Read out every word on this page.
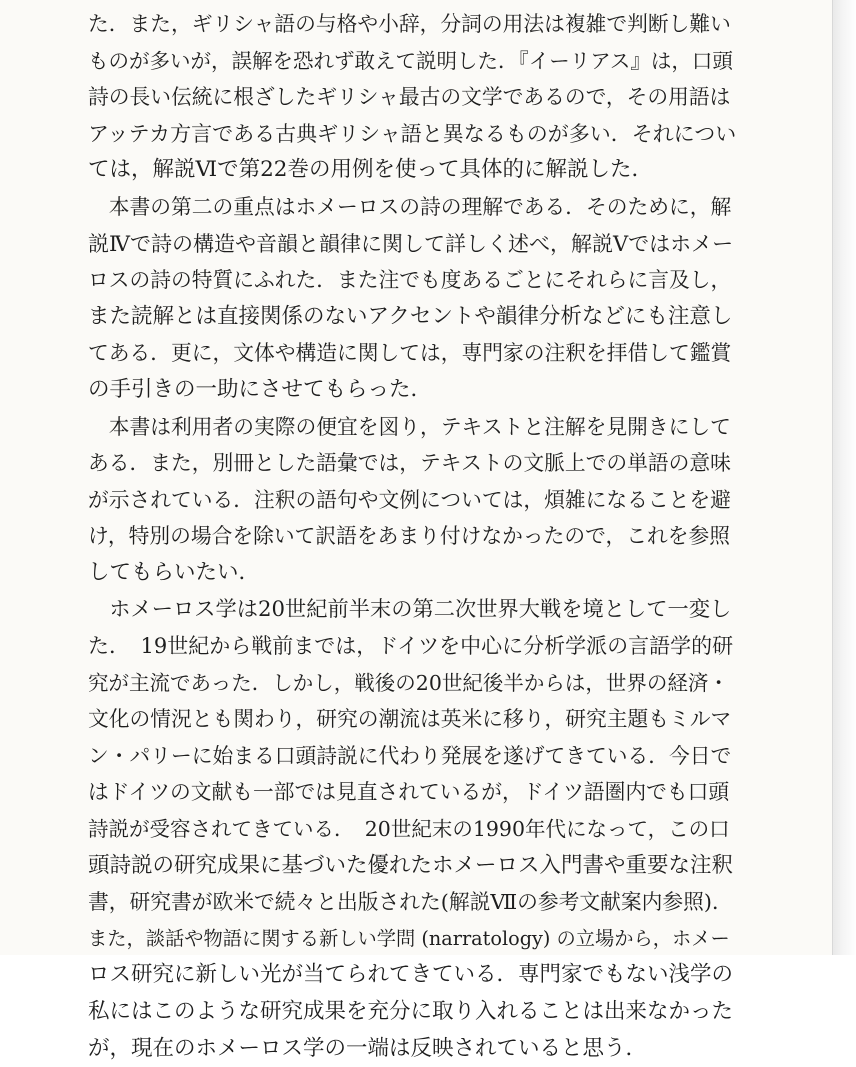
た．また，ギリシャ語の与格や小辞，分詞の用法は複雑で判断し難い
ものが多いが，誤解を恐れず敢えて説明した．『イーリアス』は，口頭
詩の長い伝統に根ざしたギリシャ最古の文学であるので，その用語は
アッテカ方言である古典ギリシャ語と異なるものが多い．それについ
ては，解説Ⅵで第22巻の用例を使って具体的に解説した．
　本書の第二の重点はホメーロスの詩の理解である．そのために，解
説Ⅳで詩の構造や音韻と韻律に関して詳しく述べ，解説Ⅴではホメー
ロスの詩の特質にふれた．また注でも度あるごとにそれらに言及し，
また読解とは直接関係のないアクセントや韻律分析などにも注意し
てある．更に，文体や構造に関しては，専門家の注釈を拝借して鑑賞
の手引きの一助にさせてもらった．
　本書は利用者の実際の便宜を図り，テキストと注解を見開きにして
ある．また，別冊とした語彙では，テキストの文脈上での単語の意味
が示されている．注釈の語句や文例については，煩雑になることを避
け，特別の場合を除いて訳語をあまり付けなかったので，これを参照
してもらいたい．
　ホメーロス学は20世紀前半末の第二次世界大戦を境として一変し
た．　19世紀から戦前までは，ドイツを中心に分析学派の言語学的研
究が主流であった．しかし，戦後の20世紀後半からは，世界の経済・
文化の情況とも関わり，研究の潮流は英米に移り，研究主題もミルマ
ン・パリーに始まる口頭詩説に代わり発展を遂げてきている．今日で
はドイツの文献も一部では見直されているが，ドイツ語圏内でも口頭
詩説が受容されてきている．　20世紀末の1990年代になって，この口
頭詩説の研究成果に基づいた優れたホメーロス入門書や重要な注釈
書，研究書が欧米で続々と出版された(解説Ⅶの参考文献案内参照)．
また，談話や物語に関する新しい学問 (narratology) の立場から，ホメー
ロス研究に新しい光が当てられてきている．専門家でもない浅学の
私にはこのような研究成果を充分に取り入れることは出来なかった
が，現在のホメーロス学の一端は反映されていると思う．
